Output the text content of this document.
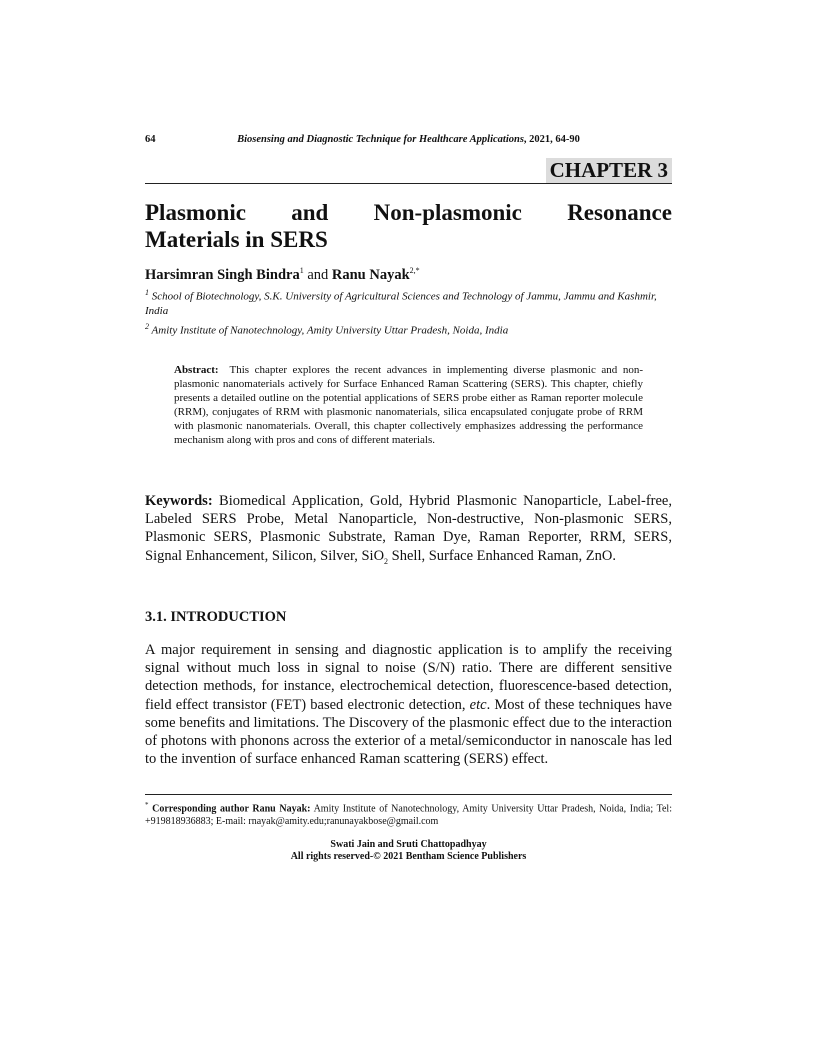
64	Biosensing and Diagnostic Technique for Healthcare Applications, 2021, 64-90
CHAPTER 3
Plasmonic and Non-plasmonic Resonance
Materials in SERS
Harsimran Singh Bindra$^1$ and Ranu Nayak$^{2,*}$
$^1$ School of Biotechnology, S.K. University of Agricultural Sciences and Technology of Jammu, Jammu and Kashmir, India
$^2$ Amity Institute of Nanotechnology, Amity University Uttar Pradesh, Noida, India
Abstract: This chapter explores the recent advances in implementing diverse plasmonic and non-plasmonic nanomaterials actively for Surface Enhanced Raman Scattering (SERS). This chapter, chiefly presents a detailed outline on the potential applications of SERS probe either as Raman reporter molecule (RRM), conjugates of RRM with plasmonic nanomaterials, silica encapsulated conjugate probe of RRM with plasmonic nanomaterials. Overall, this chapter collectively emphasizes addressing the performance mechanism along with pros and cons of different materials.
Keywords: Biomedical Application, Gold, Hybrid Plasmonic Nanoparticle, Label-free, Labeled SERS Probe, Metal Nanoparticle, Non-destructive, Non-plasmonic SERS, Plasmonic SERS, Plasmonic Substrate, Raman Dye, Raman Reporter, RRM, SERS, Signal Enhancement, Silicon, Silver, SiO$_2$ Shell, Surface Enhanced Raman, ZnO.
3.1. INTRODUCTION
A major requirement in sensing and diagnostic application is to amplify the receiving signal without much loss in signal to noise (S/N) ratio. There are different sensitive detection methods, for instance, electrochemical detection, fluorescence-based detection, field effect transistor (FET) based electronic detection, etc. Most of these techniques have some benefits and limitations. The Discovery of the plasmonic effect due to the interaction of photons with phonons across the exterior of a metal/semiconductor in nanoscale has led to the invention of surface enhanced Raman scattering (SERS) effect.
* Corresponding author Ranu Nayak: Amity Institute of Nanotechnology, Amity University Uttar Pradesh, Noida, India; Tel: +919818936883; E-mail: rnayak@amity.edu;ranunayakbose@gmail.com
Swati Jain and Sruti Chattopadhyay
All rights reserved-© 2021 Bentham Science Publishers
